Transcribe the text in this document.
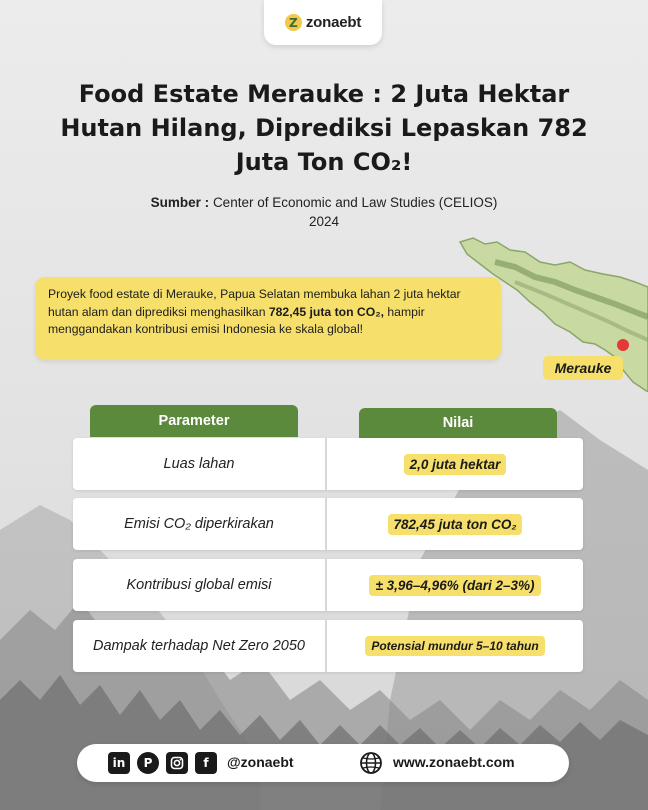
Z zonaebt
Food Estate Merauke : 2 Juta Hektar
Hutan Hilang, Diprediksi Lepaskan 782
Juta Ton CO₂!
Sumber : Center of Economic and Law Studies (CELIOS) 2024
Merauke
Proyek food estate di Merauke, Papua Selatan membuka lahan 2 juta hektar hutan alam dan diprediksi menghasilkan 782,45 juta ton CO₂, hampir menggandakan kontribusi emisi Indonesia ke skala global!
Parameter	Nilai
Luas lahan	2,0 juta hektar
Emisi CO₂ diperkirakan	782,45 juta ton CO₂
Kontribusi global emisi	± 3,96–4,96% (dari 2–3%)
Dampak terhadap Net Zero 2050	Potensial mundur 5–10 tahun
in	P	f	@zonaebt	www.zonaebt.com
